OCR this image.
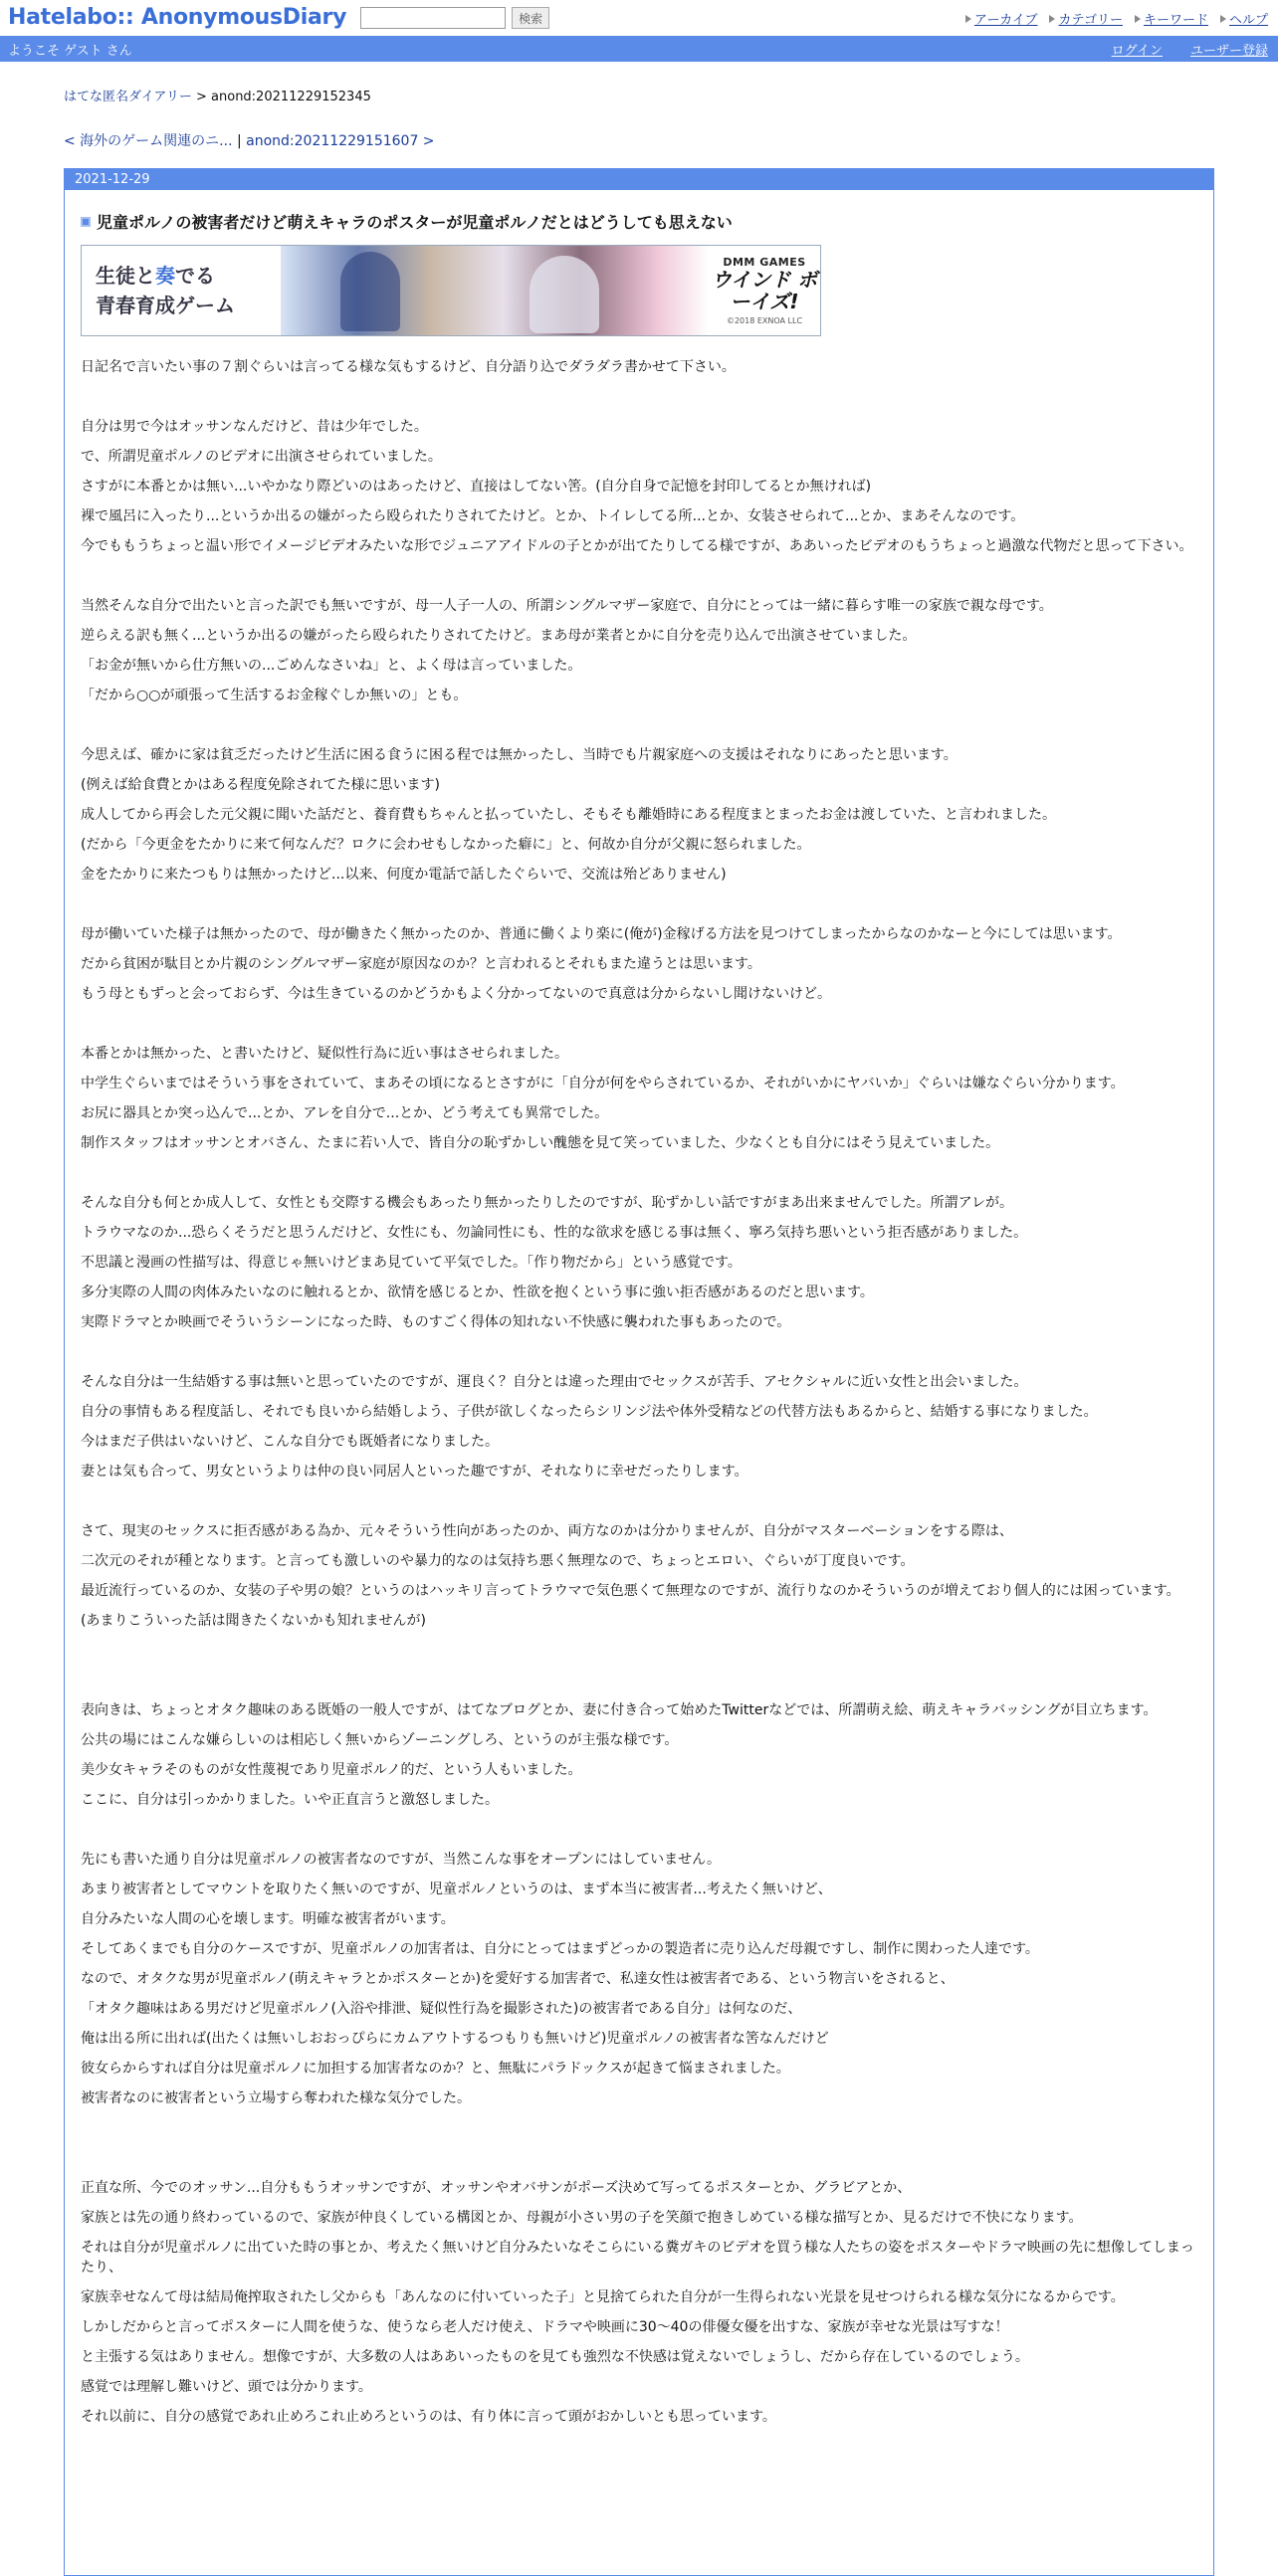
Hatelabo:: AnonymousDiary	検索	アーカイブ カテゴリー キーワード ヘルプ
ようこそ ゲスト さん	ログイン ユーザー登録
はてな匿名ダイアリー > anond:20211229152345
< 海外のゲーム関連のニ... | anond:20211229151607 >
2021-12-29
児童ポルノの被害者だけど萌えキャラのポスターが児童ポルノだとはどうしても思えない
生徒と奏でる
青春育成ゲーム
DMM GAMES
ウインド ボーイズ!
©2018 EXNOA LLC

日記名で言いたい事の７割ぐらいは言ってる様な気もするけど、自分語り込でダラダラ書かせて下さい。

自分は男で今はオッサンなんだけど、昔は少年でした。

で、所謂児童ポルノのビデオに出演させられていました。

さすがに本番とかは無い...いやかなり際どいのはあったけど、直接はしてない筈。(自分自身で記憶を封印してるとか無ければ)

裸で風呂に入ったり...というか出るの嫌がったら殴られたりされてたけど。とか、トイレしてる所...とか、女装させられて...とか、まあそんなのです。

今でももうちょっと温い形でイメージビデオみたいな形でジュニアアイドルの子とかが出てたりしてる様ですが、ああいったビデオのもうちょっと過激な代物だと思って下さい。

当然そんな自分で出たいと言った訳でも無いですが、母一人子一人の、所謂シングルマザー家庭で、自分にとっては一緒に暮らす唯一の家族で親な母です。

逆らえる訳も無く...というか出るの嫌がったら殴られたりされてたけど。まあ母が業者とかに自分を売り込んで出演させていました。

「お金が無いから仕方無いの...ごめんなさいね」と、よく母は言っていました。

「だから○○が頑張って生活するお金稼ぐしか無いの」とも。

今思えば、確かに家は貧乏だったけど生活に困る食うに困る程では無かったし、当時でも片親家庭への支援はそれなりにあったと思います。

(例えば給食費とかはある程度免除されてた様に思います)

成人してから再会した元父親に聞いた話だと、養育費もちゃんと払っていたし、そもそも離婚時にある程度まとまったお金は渡していた、と言われました。

(だから「今更金をたかりに来て何なんだ？ロクに会わせもしなかった癖に」と、何故か自分が父親に怒られました。

金をたかりに来たつもりは無かったけど...以来、何度か電話で話したぐらいで、交流は殆どありません)

母が働いていた様子は無かったので、母が働きたく無かったのか、普通に働くより楽に(俺が)金稼げる方法を見つけてしまったからなのかなーと今にしては思います。

だから貧困が駄目とか片親のシングルマザー家庭が原因なのか？と言われるとそれもまた違うとは思います。

もう母ともずっと会っておらず、今は生きているのかどうかもよく分かってないので真意は分からないし聞けないけど。

本番とかは無かった、と書いたけど、疑似性行為に近い事はさせられました。

中学生ぐらいまではそういう事をされていて、まあその頃になるとさすがに「自分が何をやらされているか、それがいかにヤバいか」ぐらいは嫌なぐらい分かります。

お尻に器具とか突っ込んで...とか、アレを自分で...とか、どう考えても異常でした。

制作スタッフはオッサンとオバさん、たまに若い人で、皆自分の恥ずかしい醜態を見て笑っていました、少なくとも自分にはそう見えていました。

そんな自分も何とか成人して、女性とも交際する機会もあったり無かったりしたのですが、恥ずかしい話ですがまあ出来ませんでした。所謂アレが。

トラウマなのか...恐らくそうだと思うんだけど、女性にも、勿論同性にも、性的な欲求を感じる事は無く、寧ろ気持ち悪いという拒否感がありました。

不思議と漫画の性描写は、得意じゃ無いけどまあ見ていて平気でした。「作り物だから」という感覚です。

多分実際の人間の肉体みたいなのに触れるとか、欲情を感じるとか、性欲を抱くという事に強い拒否感があるのだと思います。

実際ドラマとか映画でそういうシーンになった時、ものすごく得体の知れない不快感に襲われた事もあったので。

そんな自分は一生結婚する事は無いと思っていたのですが、運良く？自分とは違った理由でセックスが苦手、アセクシャルに近い女性と出会いました。

自分の事情もある程度話し、それでも良いから結婚しよう、子供が欲しくなったらシリンジ法や体外受精などの代替方法もあるからと、結婚する事になりました。

今はまだ子供はいないけど、こんな自分でも既婚者になりました。

妻とは気も合って、男女というよりは仲の良い同居人といった趣ですが、それなりに幸せだったりします。

さて、現実のセックスに拒否感がある為か、元々そういう性向があったのか、両方なのかは分かりませんが、自分がマスターベーションをする際は、

二次元のそれが種となります。と言っても激しいのや暴力的なのは気持ち悪く無理なので、ちょっとエロい、ぐらいが丁度良いです。

最近流行っているのか、女装の子や男の娘？というのはハッキリ言ってトラウマで気色悪くて無理なのですが、流行りなのかそういうのが増えており個人的には困っています。

(あまりこういった話は聞きたくないかも知れませんが)

表向きは、ちょっとオタク趣味のある既婚の一般人ですが、はてなブログとか、妻に付き合って始めたTwitterなどでは、所謂萌え絵、萌えキャラバッシングが目立ちます。

公共の場にはこんな嫌らしいのは相応しく無いからゾーニングしろ、というのが主張な様です。

美少女キャラそのものが女性蔑視であり児童ポルノ的だ、という人もいました。

ここに、自分は引っかかりました。いや正直言うと激怒しました。

先にも書いた通り自分は児童ポルノの被害者なのですが、当然こんな事をオープンにはしていません。

あまり被害者としてマウントを取りたく無いのですが、児童ポルノというのは、まず本当に被害者...考えたく無いけど、

自分みたいな人間の心を壊します。明確な被害者がいます。

そしてあくまでも自分のケースですが、児童ポルノの加害者は、自分にとってはまずどっかの製造者に売り込んだ母親ですし、制作に関わった人達です。

なので、オタクな男が児童ポルノ(萌えキャラとかポスターとか)を愛好する加害者で、私達女性は被害者である、という物言いをされると、

「オタク趣味はある男だけど児童ポルノ(入浴や排泄、疑似性行為を撮影された)の被害者である自分」は何なのだ、

俺は出る所に出れば(出たくは無いしおおっぴらにカムアウトするつもりも無いけど)児童ポルノの被害者な筈なんだけど

彼女らからすれば自分は児童ポルノに加担する加害者なのか？と、無駄にパラドックスが起きて悩まされました。

被害者なのに被害者という立場すら奪われた様な気分でした。

正直な所、今でのオッサン...自分ももうオッサンですが、オッサンやオバサンがポーズ決めて写ってるポスターとか、グラビアとか、

家族とは先の通り終わっているので、家族が仲良くしている構図とか、母親が小さい男の子を笑顔で抱きしめている様な描写とか、見るだけで不快になります。

それは自分が児童ポルノに出ていた時の事とか、考えたく無いけど自分みたいなそこらにいる糞ガキのビデオを買う様な人たちの姿をポスターやドラマ映画の先に想像してしまったり、

家族幸せなんて母は結局俺搾取されたし父からも「あんなのに付いていった子」と見捨てられた自分が一生得られない光景を見せつけられる様な気分になるからです。

しかしだからと言ってポスターに人間を使うな、使うなら老人だけ使え、ドラマや映画に30～40の俳優女優を出すな、家族が幸せな光景は写すな！

と主張する気はありません。想像ですが、大多数の人はああいったものを見ても強烈な不快感は覚えないでしょうし、だから存在しているのでしょう。

感覚では理解し難いけど、頭では分かります。

それ以前に、自分の感覚であれ止めろこれ止めろというのは、有り体に言って頭がおかしいとも思っています。
